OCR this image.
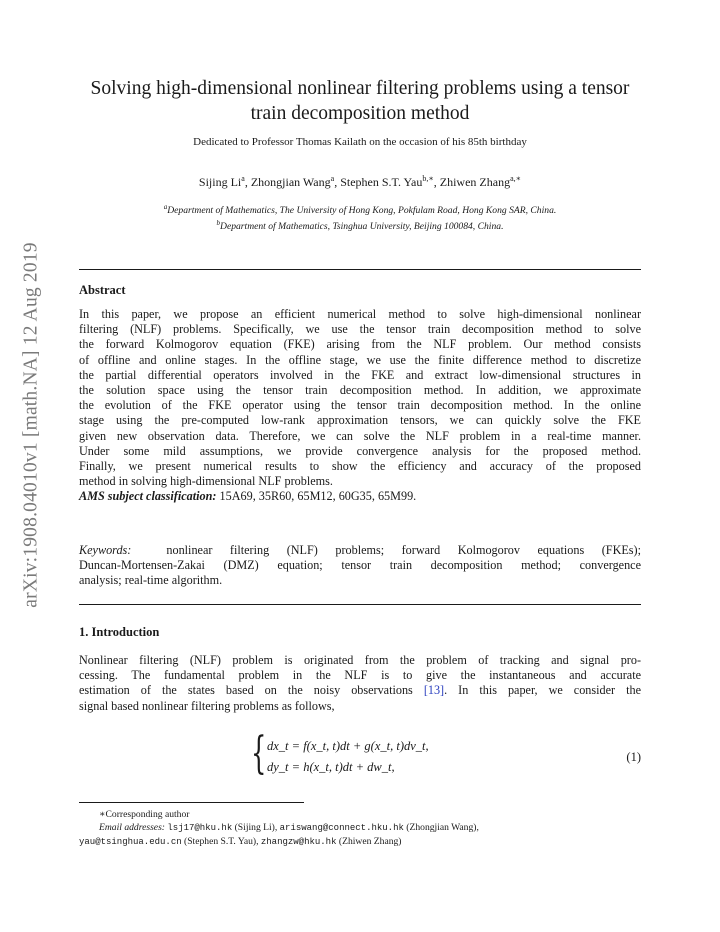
arXiv:1908.04010v1 [math.NA] 12 Aug 2019
Solving high-dimensional nonlinear filtering problems using a tensor
train decomposition method
Dedicated to Professor Thomas Kailath on the occasion of his 85th birthday
Sijing Li$^a$, Zhongjian Wang$^a$, Stephen S.T. Yau$^{b,∗}$, Zhiwen Zhang$^{a,∗}$
$^a$Department of Mathematics, The University of Hong Kong, Pokfulam Road, Hong Kong SAR, China.
$^b$Department of Mathematics, Tsinghua University, Beijing 100084, China.
Abstract
In this paper, we propose an efficient numerical method to solve high-dimensional nonlinear
filtering (NLF) problems. Specifically, we use the tensor train decomposition method to solve
the forward Kolmogorov equation (FKE) arising from the NLF problem. Our method consists
of offline and online stages. In the offline stage, we use the finite difference method to discretize
the partial differential operators involved in the FKE and extract low-dimensional structures in
the solution space using the tensor train decomposition method. In addition, we approximate
the evolution of the FKE operator using the tensor train decomposition method. In the online
stage using the pre-computed low-rank approximation tensors, we can quickly solve the FKE
given new observation data. Therefore, we can solve the NLF problem in a real-time manner.
Under some mild assumptions, we provide convergence analysis for the proposed method.
Finally, we present numerical results to show the efficiency and accuracy of the proposed
method in solving high-dimensional NLF problems.
AMS subject classification: 15A69, 35R60, 65M12, 60G35, 65M99.
Keywords:	nonlinear filtering (NLF) problems; forward Kolmogorov equations (FKEs);
Duncan-Mortensen-Zakai (DMZ) equation; tensor train decomposition method; convergence
analysis; real-time algorithm.
1. Introduction
Nonlinear filtering (NLF) problem is originated from the problem of tracking and signal pro-
cessing. The fundamental problem in the NLF is to give the instantaneous and accurate
estimation of the states based on the noisy observations [13]. In this paper, we consider the
signal based nonlinear filtering problems as follows,
{ dx_t = f(x_t, t)dt + g(x_t, t)dv_t,
dy_t = h(x_t, t)dt + dw_t,
(1)
∗Corresponding author
Email addresses: lsj17@hku.hk (Sijing Li), ariswang@connect.hku.hk (Zhongjian Wang),
yau@tsinghua.edu.cn (Stephen S.T. Yau), zhangzw@hku.hk (Zhiwen Zhang)
